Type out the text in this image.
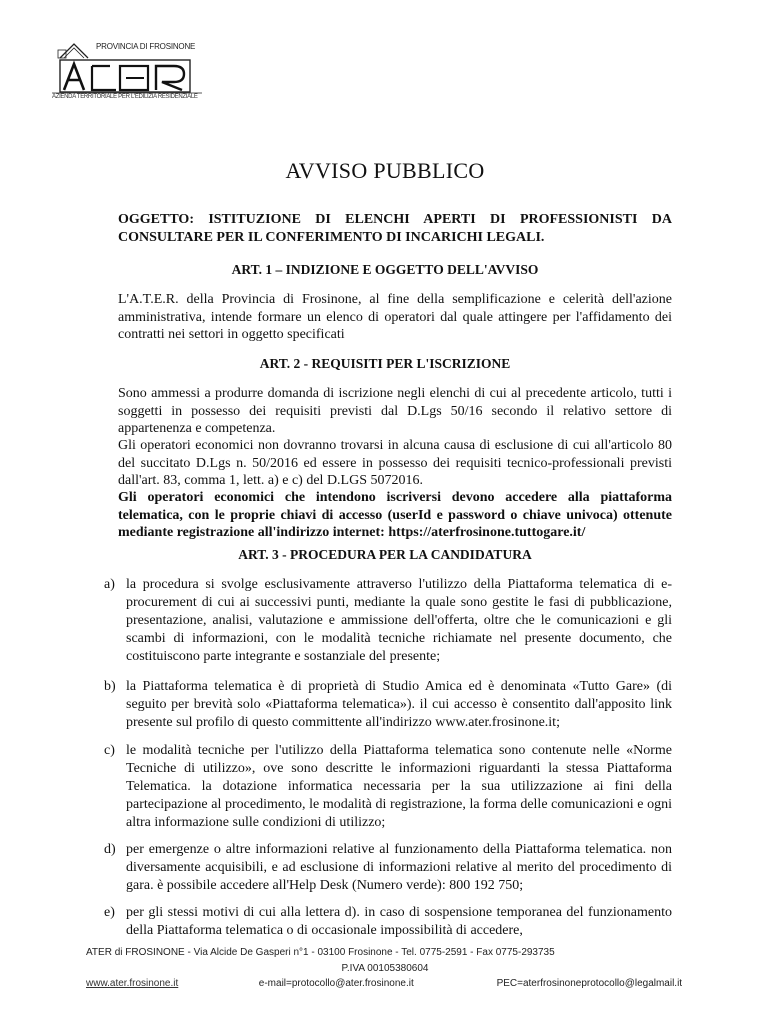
PROVINCIA DI FROSINONE
AZIENDA TERRITORIALE PER L'EDILIZIA RESIDENZIALE
AVVISO PUBBLICO

OGGETTO: ISTITUZIONE DI ELENCHI APERTI DI PROFESSIONISTI DA CONSULTARE PER IL CONFERIMENTO DI INCARICHI LEGALI.

ART. 1 – INDIZIONE E OGGETTO DELL'AVVISO

L'A.T.E.R. della Provincia di Frosinone, al fine della semplificazione e celerità dell'azione amministrativa, intende formare un elenco di operatori dal quale attingere per l'affidamento dei contratti nei settori in oggetto specificati

ART. 2 - REQUISITI PER L'ISCRIZIONE

Sono ammessi a produrre domanda di iscrizione negli elenchi di cui al precedente articolo, tutti i soggetti in possesso dei requisiti previsti dal D.Lgs 50/16 secondo il relativo settore di appartenenza e competenza.

Gli operatori economici non dovranno trovarsi in alcuna causa di esclusione di cui all'articolo 80 del succitato D.Lgs n. 50/2016 ed essere in possesso dei requisiti tecnico-professionali previsti dall'art. 83, comma 1, lett. a) e c) del D.LGS 5072016.

Gli operatori economici che intendono iscriversi devono accedere alla piattaforma telematica, con le proprie chiavi di accesso (userId e password o chiave univoca) ottenute mediante registrazione all'indirizzo internet: https://aterfrosinone.tuttogare.it/

ART. 3 - PROCEDURA PER LA CANDIDATURA

a) la procedura si svolge esclusivamente attraverso l'utilizzo della Piattaforma telematica di e-procurement di cui ai successivi punti, mediante la quale sono gestite le fasi di pubblicazione, presentazione, analisi, valutazione e ammissione dell'offerta, oltre che le comunicazioni e gli scambi di informazioni, con le modalità tecniche richiamate nel presente documento, che costituiscono parte integrante e sostanziale del presente;
b) la Piattaforma telematica è di proprietà di Studio Amica ed è denominata «Tutto Gare» (di seguito per brevità solo «Piattaforma telematica»). il cui accesso è consentito dall'apposito link presente sul profilo di questo committente all'indirizzo www.ater.frosinone.it;
c) le modalità tecniche per l'utilizzo della Piattaforma telematica sono contenute nelle «Norme Tecniche di utilizzo», ove sono descritte le informazioni riguardanti la stessa Piattaforma Telematica. la dotazione informatica necessaria per la sua utilizzazione ai fini della partecipazione al procedimento, le modalità di registrazione, la forma delle comunicazioni e ogni altra informazione sulle condizioni di utilizzo;
d) per emergenze o altre informazioni relative al funzionamento della Piattaforma telematica. non diversamente acquisibili, e ad esclusione di informazioni relative al merito del procedimento di gara. è possibile accedere all'Help Desk (Numero verde): 800 192 750;
e) per gli stessi motivi di cui alla lettera d). in caso di sospensione temporanea del funzionamento della Piattaforma telematica o di occasionale impossibilità di accedere,
ATER di FROSINONE - Via Alcide De Gasperi n°1 - 03100 Frosinone - Tel. 0775-2591 - Fax 0775-293735
P.IVA 00105380604
www.ater.frosinone.it	e-mail=protocollo@ater.frosinone.it	PEC=aterfrosinoneprotocollo@legalmail.it
